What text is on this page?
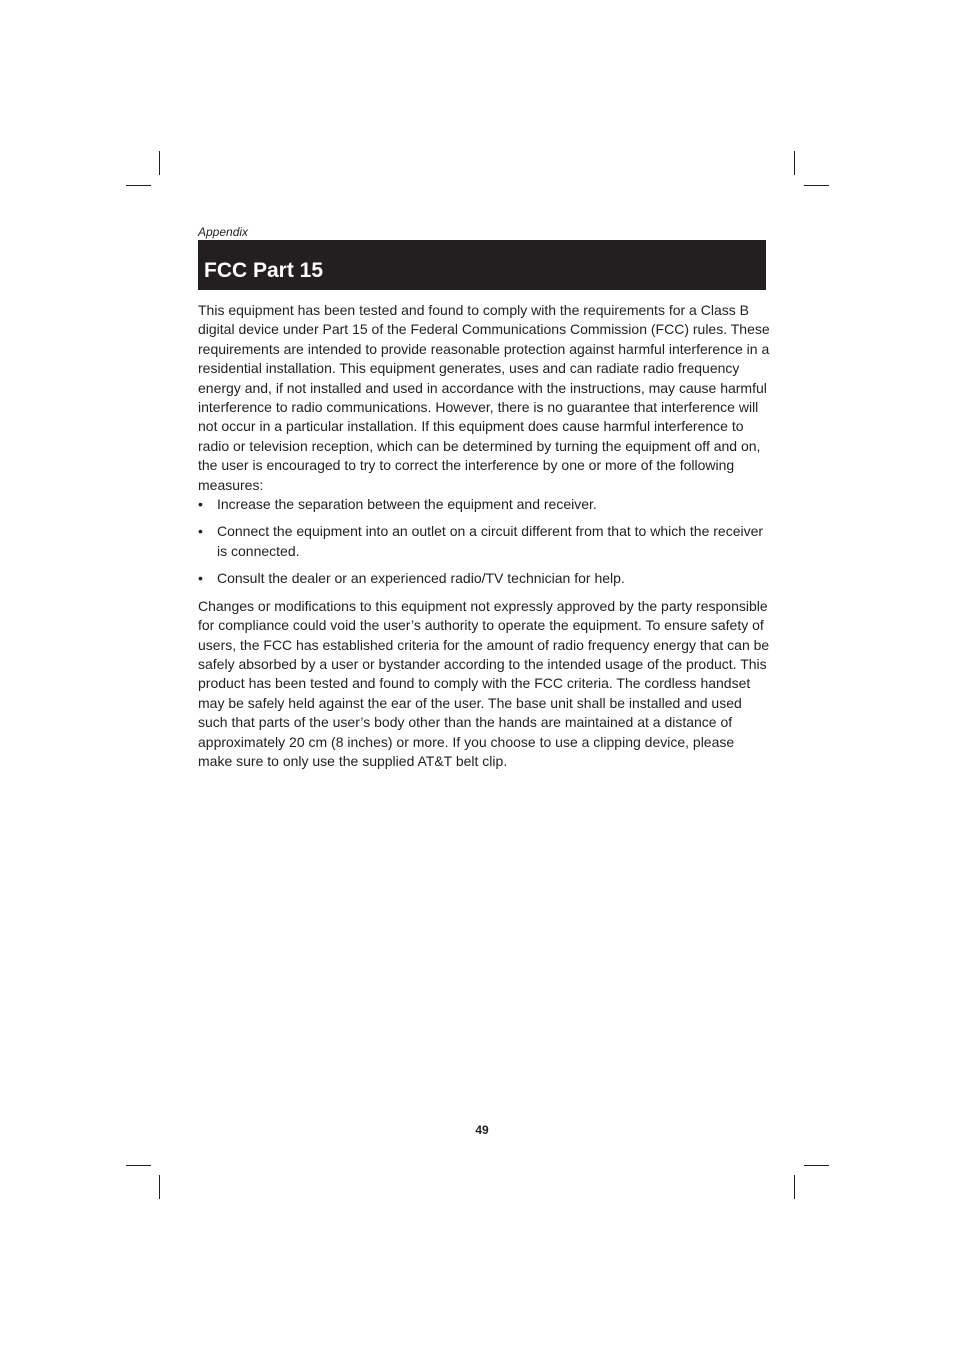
Appendix

FCC Part 15

This equipment has been tested and found to comply with the requirements for a Class B digital device under Part 15 of the Federal Communications Commission (FCC) rules. These requirements are intended to provide reasonable protection against harmful interference in a residential installation. This equipment generates, uses and can radiate radio frequency energy and, if not installed and used in accordance with the instructions, may cause harmful interference to radio communications. However, there is no guarantee that interference will not occur in a particular installation. If this equipment does cause harmful interference to radio or television reception, which can be determined by turning the equipment off and on, the user is encouraged to try to correct the interference by one or more of the following measures:

• Increase the separation between the equipment and receiver.
• Connect the equipment into an outlet on a circuit different from that to which the receiver is connected.
• Consult the dealer or an experienced radio/TV technician for help.

Changes or modifications to this equipment not expressly approved by the party responsible for compliance could void the user’s authority to operate the equipment. To ensure safety of users, the FCC has established criteria for the amount of radio frequency energy that can be safely absorbed by a user or bystander according to the intended usage of the product. This product has been tested and found to comply with the FCC criteria. The cordless handset may be safely held against the ear of the user. The base unit shall be installed and used such that parts of the user’s body other than the hands are maintained at a distance of approximately 20 cm (8 inches) or more. If you choose to use a clipping device, please make sure to only use the supplied AT&T belt clip.

49
